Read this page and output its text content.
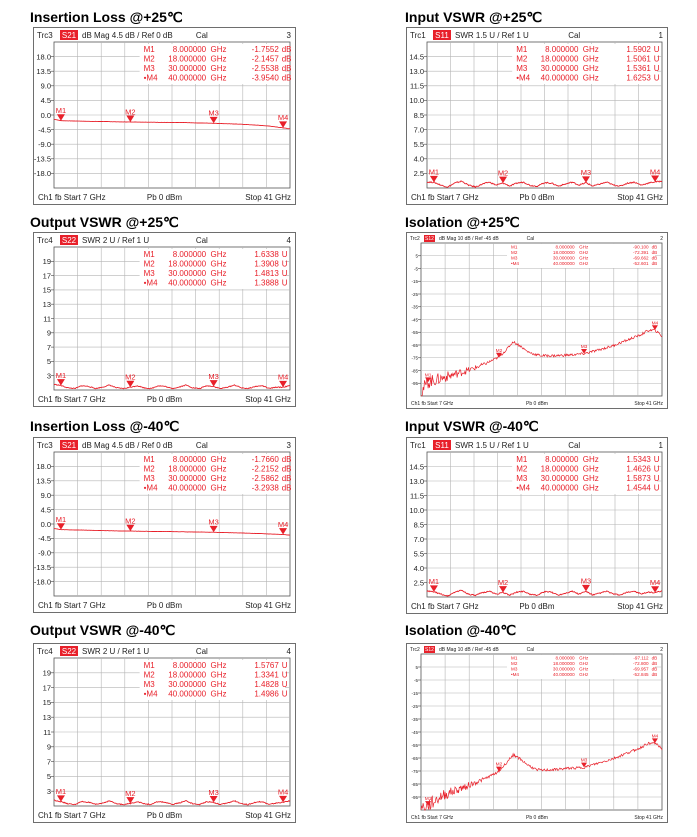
Insertion Loss @+25℃
Trc3 S21 dB Mag 4.5 dB / Ref 0 dB	Cal	3
18.0
13.5
9.0
4.5
0.0
-4.5
-9.0
-13.5
-18.0
M1 8.000000 GHz	-1.7552 dB
M2 18.000000 GHz	-2.1457 dB
M3 30.000000 GHz	-2.5538 dB
•M4 40.000000 GHz	-3.9540 dB
M1	M2	M3
M4
Ch1 fb Start 7 GHz	Pb 0 dBm	Stop 41 GHz
Input VSWR @+25℃
Trc1 S11 SWR 1.5 U / Ref 1 U	Cal	1
14.5
13.0
11.5
10.0
8.5
7.0
5.5
4.0
2.5
M1 8.000000 GHz	1.5902 U
M2 18.000000 GHz	1.5061 U
M3 30.000000 GHz	1.5361 U
•M4 40.000000 GHz	1.6253 U
M1	M2	M3	M4
Ch1 fb Start 7 GHz	Pb 0 dBm	Stop 41 GHz
Output VSWR @+25℃
Trc4 S22 SWR 2 U / Ref 1 U	Cal	4
19
17
15
13
11
9
7
5
3
M1 8.000000 GHz	1.6338 U
M2 18.000000 GHz	1.3908 U
M3 30.000000 GHz	1.4813 U
•M4 40.000000 GHz	1.3888 U
M1	M2	M3	M4
Ch1 fb Start 7 GHz	Pb 0 dBm	Stop 41 GHz
Isolation @+25℃
Trc2 S12 dB Mag 10 dB / Ref -45 dB	Cal	2
5
-5
-15
-25
-35
-45
-55
-65
-75
-85
-95
M1	8.000000 GHz	-90.100 dB
M2	18.000000 GHz	-72.391 dB
M3	30.000000 GHz	-69.662 dB
•M4	40.000000 GHz	-52.601 dB
M1
M2
M3
M4
Ch1 fb Start 7 GHz	Pb 0 dBm	Stop 41 GHz
Insertion Loss @-40℃
Trc3 S21 dB Mag 4.5 dB / Ref 0 dB	Cal	3
18.0
13.5
9.0
4.5
0.0
-4.5
-9.0
-13.5
-18.0
M1 8.000000 GHz	-1.7660 dB
M2 18.000000 GHz	-2.2152 dB
M3 30.000000 GHz	-2.5862 dB
•M4 40.000000 GHz	-3.2938 dB
M1	M2	M3	M4
Ch1 fb Start 7 GHz	Pb 0 dBm	Stop 41 GHz
Input VSWR @-40℃
Trc1 S11 SWR 1.5 U / Ref 1 U	Cal	1
14.5
13.0
11.5
10.0
8.5
7.0
5.5
4.0
2.5
M1 8.000000 GHz	1.5343 U
M2 18.000000 GHz	1.4626 U
M3 30.000000 GHz	1.5873 U
•M4 40.000000 GHz	1.4544 U
M1	M2	M3	M4
Ch1 fb Start 7 GHz	Pb 0 dBm	Stop 41 GHz
Output VSWR @-40℃
Trc4 S22 SWR 2 U / Ref 1 U	Cal	4
19
17
15
13
11
9
7
5
3
M1 8.000000 GHz	1.5767 U
M2 18.000000 GHz	1.3341 U
M3 30.000000 GHz	1.4828 U
•M4 40.000000 GHz	1.4986 U
M1	M2	M3	M4
Ch1 fb Start 7 GHz	Pb 0 dBm	Stop 41 GHz
Isolation @-40℃
Trc2 S12 dB Mag 10 dB / Ref -45 dB	Cal	2
5
-5
-15
-25
-35
-45
-55
-65
-75
-85
-95
M1	8.000000 GHz	-97.112 dB
M2	18.000000 GHz	-72.800 dB
M3	30.000000 GHz	-69.957 dB
•M4	40.000000 GHz	-52.845 dB
M1
M2
M3
M4
Ch1 fb Start 7 GHz	Pb 0 dBm	Stop 41 GHz
